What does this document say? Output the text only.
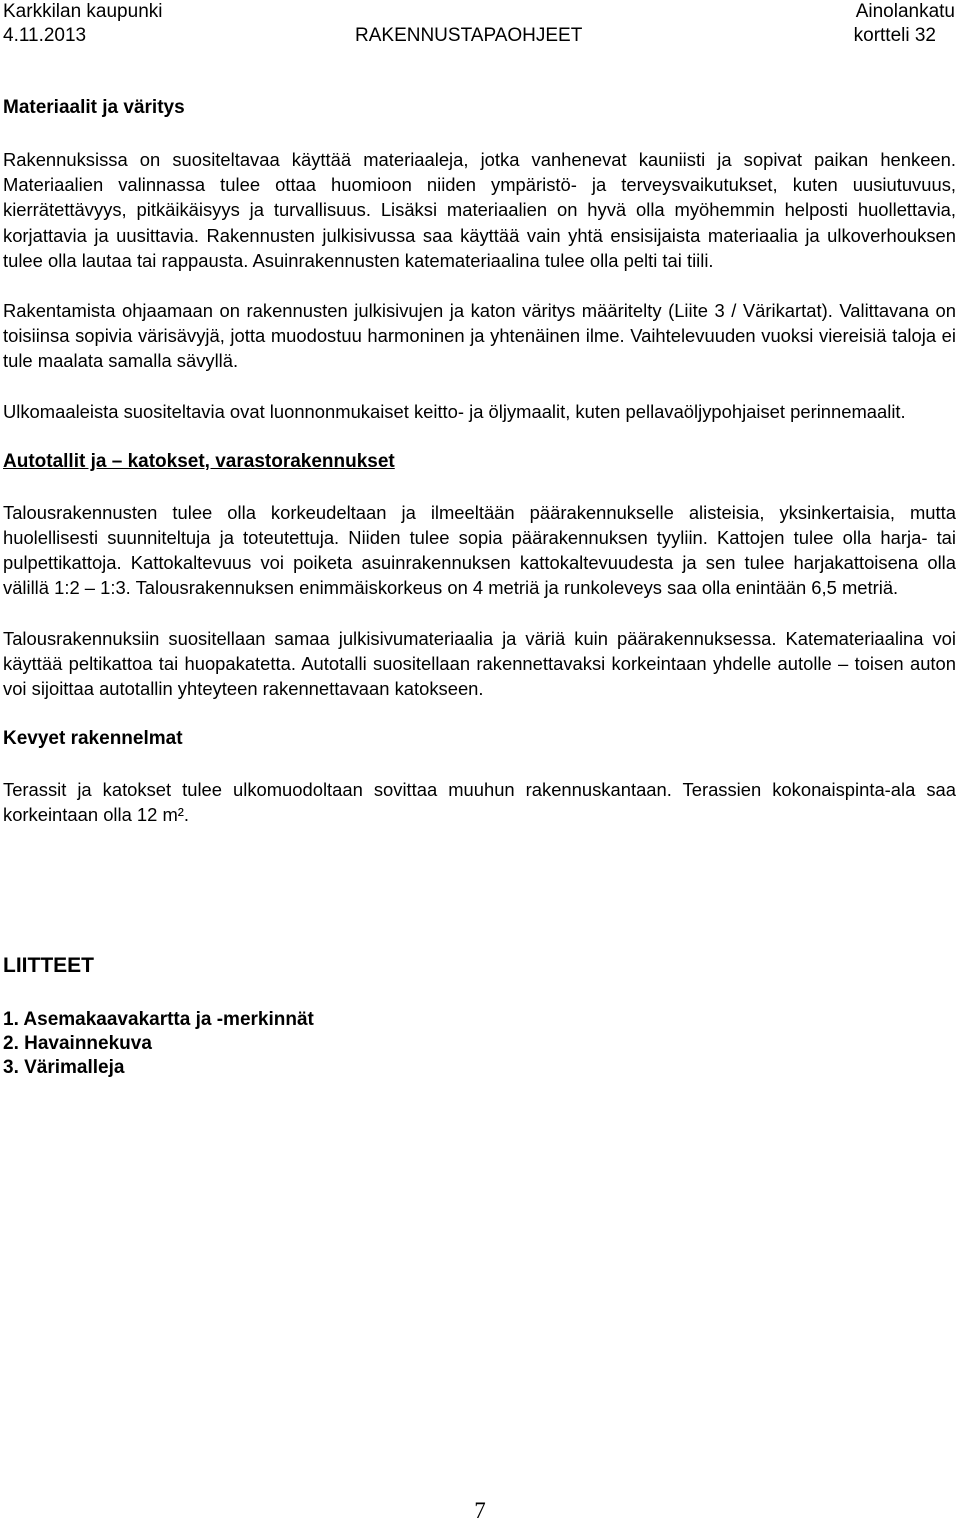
Karkkilan kaupunki
4.11.2013	RAKENNUSTAPAOHJEET
Ainolankatu
kortteli 32
Materiaalit ja väritys

Rakennuksissa on suositeltavaa käyttää materiaaleja, jotka vanhenevat kauniisti ja sopivat paikan henkeen. Materiaalien valinnassa tulee ottaa huomioon niiden ympäristö- ja terveysvaikutukset, kuten uusiutuvuus, kierrätettävyys, pitkäikäisyys ja turvallisuus. Lisäksi materiaalien on hyvä olla myöhemmin helposti huollettavia, korjattavia ja uusittavia. Rakennusten julkisivussa saa käyttää vain yhtä ensisijaista materiaalia ja ulkoverhouksen tulee olla lautaa tai rappausta. Asuinrakennusten katemateriaalina tulee olla pelti tai tiili.

Rakentamista ohjaamaan on rakennusten julkisivujen ja katon väritys määritelty (Liite 3 / Värikartat). Valittavana on toisiinsa sopivia värisävyjä, jotta muodostuu harmoninen ja yhtenäinen ilme. Vaihtelevuuden vuoksi viereisiä taloja ei tule maalata samalla sävyllä.

Ulkomaaleista suositeltavia ovat luonnonmukaiset keitto- ja öljymaalit, kuten pellavaöljypohjaiset perinnemaalit.

Autotallit ja – katokset, varastorakennukset

Talousrakennusten tulee olla korkeudeltaan ja ilmeeltään päärakennukselle alisteisia, yksinkertaisia, mutta huolellisesti suunniteltuja ja toteutettuja. Niiden tulee sopia päärakennuksen tyyliin. Kattojen tulee olla harja- tai pulpettikattoja. Kattokaltevuus voi poiketa asuinrakennuksen kattokaltevuudesta ja sen tulee harjakattoisena olla välillä 1:2 – 1:3. Talousrakennuksen enimmäiskorkeus on 4 metriä ja runkoleveys saa olla enintään 6,5 metriä.

Talousrakennuksiin suositellaan samaa julkisivumateriaalia ja väriä kuin päärakennuksessa. Katemateriaalina voi käyttää peltikattoa tai huopakatetta. Autotalli suositellaan rakennettavaksi korkeintaan yhdelle autolle – toisen auton voi sijoittaa autotallin yhteyteen rakennettavaan katokseen.

Kevyet rakennelmat

Terassit ja katokset tulee ulkomuodoltaan sovittaa muuhun rakennuskantaan. Terassien kokonaispinta-ala saa korkeintaan olla 12 m².

LIITTEET
1. Asemakaavakartta ja -merkinnät
2. Havainnekuva
3. Värimalleja
7
